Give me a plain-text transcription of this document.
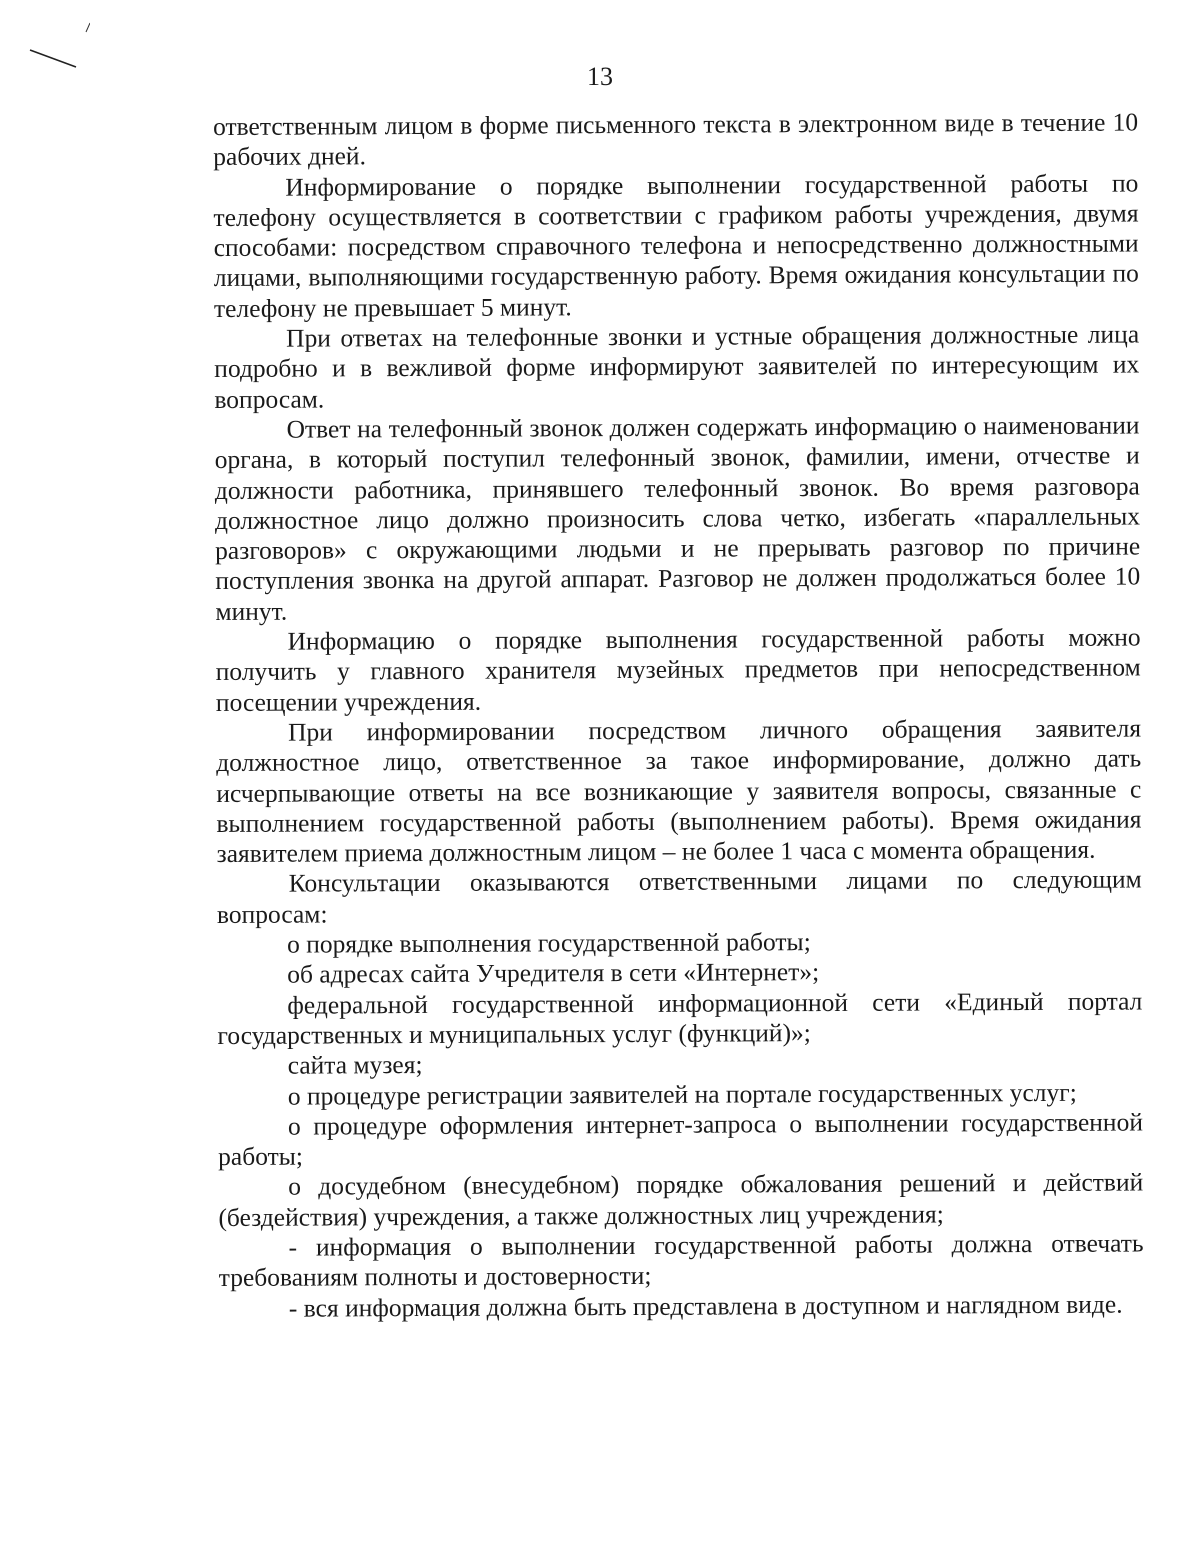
13

ответственным лицом в форме письменного текста в электронном виде в течение 10 рабочих дней.

Информирование о порядке выполнении государственной работы по телефону осуществляется в соответствии с графиком работы учреждения, двумя способами: посредством справочного телефона и непосредственно должностными лицами, выполняющими государственную работу. Время ожидания консультации по телефону не превышает 5 минут.

При ответах на телефонные звонки и устные обращения должностные лица подробно и в вежливой форме информируют заявителей по интересующим их вопросам.

Ответ на телефонный звонок должен содержать информацию о наименовании органа, в который поступил телефонный звонок, фамилии, имени, отчестве и должности работника, принявшего телефонный звонок. Во время разговора должностное лицо должно произносить слова четко, избегать «параллельных разговоров» с окружающими людьми и не прерывать разговор по причине поступления звонка на другой аппарат. Разговор не должен продолжаться более 10 минут.

Информацию о порядке выполнения государственной работы можно получить у главного хранителя музейных предметов при непосредственном посещении учреждения.

При информировании посредством личного обращения заявителя должностное лицо, ответственное за такое информирование, должно дать исчерпывающие ответы на все возникающие у заявителя вопросы, связанные с выполнением государственной работы (выполнением работы). Время ожидания заявителем приема должностным лицом – не более 1 часа с момента обращения.

Консультации оказываются ответственными лицами по следующим вопросам:

о порядке выполнения государственной работы;

об адресах сайта Учредителя в сети «Интернет»;

федеральной государственной информационной сети «Единый портал государственных и муниципальных услуг (функций)»;

сайта музея;

о процедуре регистрации заявителей на портале государственных услуг;

о процедуре оформления интернет-запроса о выполнении государственной работы;

о досудебном (внесудебном) порядке обжалования решений и действий (бездействия) учреждения, а также должностных лиц учреждения;

- информация о выполнении государственной работы должна отвечать требованиям полноты и достоверности;

- вся информация должна быть представлена в доступном и наглядном виде.
